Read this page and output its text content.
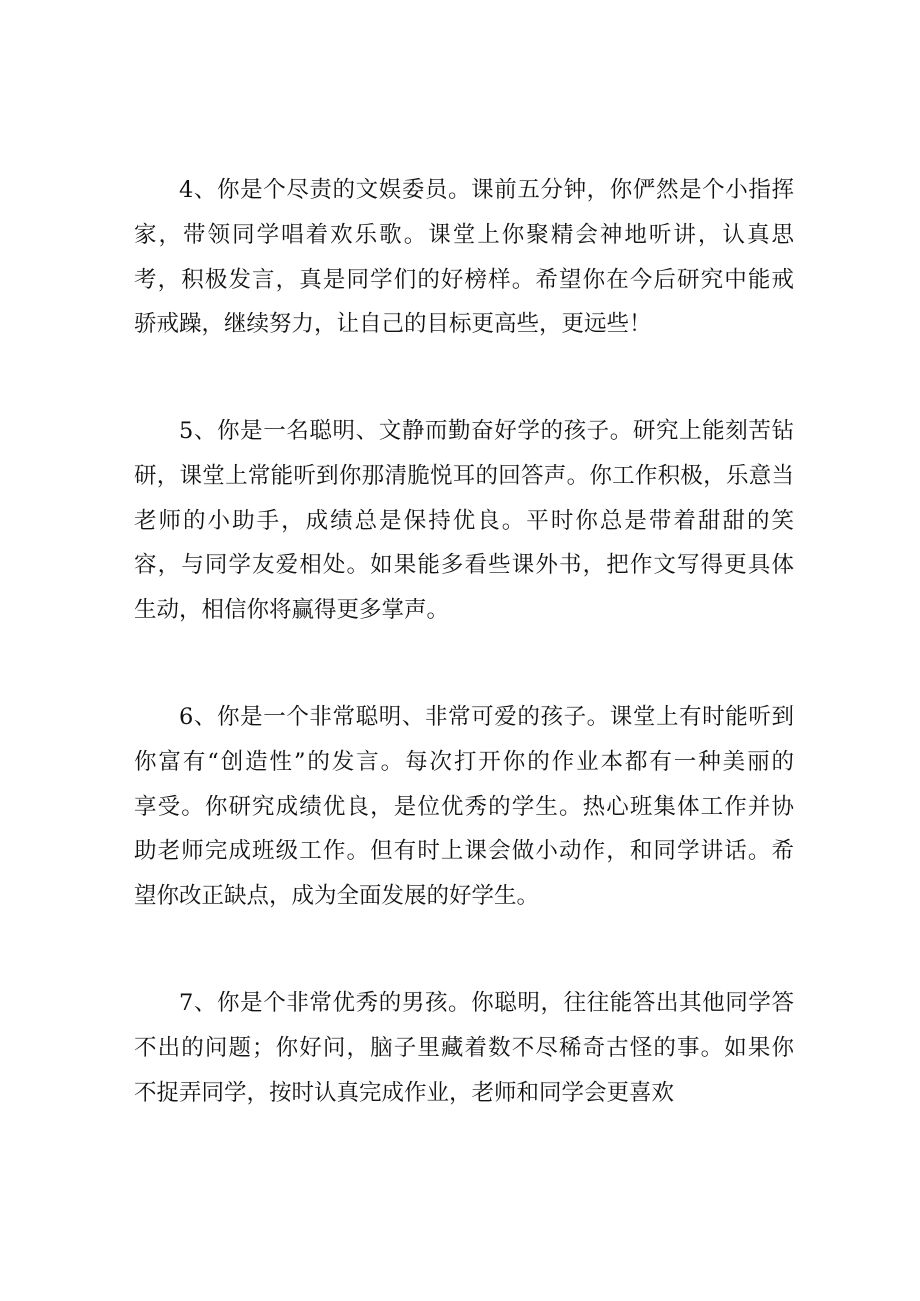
4、你是个尽责的文娱委员。课前五分钟，你俨然是个小指挥
家，带领同学唱着欢乐歌。课堂上你聚精会神地听讲，认真思
考，积极发言，真是同学们的好榜样。希望你在今后研究中能戒
骄戒躁，继续努力，让自己的目标更高些，更远些！
5、你是一名聪明、文静而勤奋好学的孩子。研究上能刻苦钻
研，课堂上常能听到你那清脆悦耳的回答声。你工作积极，乐意当
老师的小助手，成绩总是保持优良。平时你总是带着甜甜的笑
容，与同学友爱相处。如果能多看些课外书，把作文写得更具体
生动，相信你将赢得更多掌声。
6、你是一个非常聪明、非常可爱的孩子。课堂上有时能听到
你富有“创造性”的发言。每次打开你的作业本都有一种美丽的
享受。你研究成绩优良，是位优秀的学生。热心班集体工作并协
助老师完成班级工作。但有时上课会做小动作，和同学讲话。希
望你改正缺点，成为全面发展的好学生。
7、你是个非常优秀的男孩。你聪明，往往能答出其他同学答
不出的问题；你好问，脑子里藏着数不尽稀奇古怪的事。如果你
不捉弄同学，按时认真完成作业，老师和同学会更喜欢
